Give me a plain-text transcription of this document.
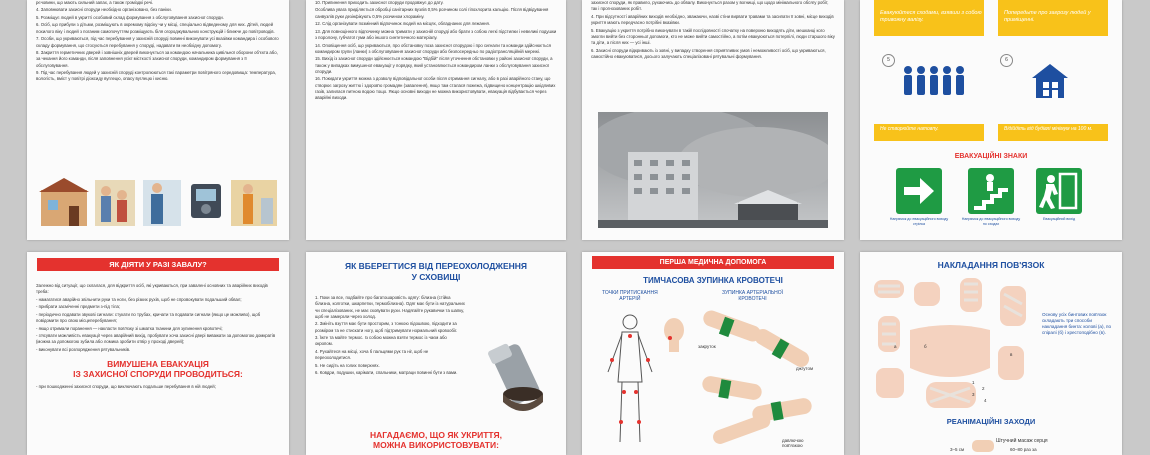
рєчовини, що мають сильний запах, а також громіздкі речі.

4. Заповнювати захисні споруди необхідно організовано, без паніки.

5. Розміщує людей в укритті особовий склад формування з обслуговування захисної споруди.

6. Осіб, що прибули з дітьми, розміщують в окремому відсіку чи у місці, спеціально відведеному для них. Дітей, людей похилого віку і людей з поганим самопочуттям розміщують біля огороджувальних конструкцій і ближче до повітроводів.

7. Особи, що укриваються, під час перебування у захисній споруді повинні виконувати усі вказівки командира і особового складу формування, що стосуються перебування у споруді, надавати їм необхідну допомогу.

8. Закриття герметичних дверей і зовнішніх дверей виконується за командою начальника цивільної оборони об'єкта або, за чекання його команди, після заповнення усієї місткості захисної споруди, командиром формування з її обслуговування.

9. Під час перебування людей у захисній споруді контролюються такі параметри повітряного середовища: температура, вологість, вміст у повітрі діоксиду вуглецю, опасу вуглецю і кисню.

10. Припинення приходить захисної споруди продовжує до дату.

Особлива увага приділяється обробці санітарних вузлів 0,5% розчином солі гіпохлорита кальцію. Після відвідування санвузлів руки дезінфікують 0,5% розчином хлораміну.

12. Слід організувати позмінний відпочинок людей на місцях, обладнаних для лежання.

13. Для повноцінного відпочинку можна тримати у захисній споруді або брати з собою легкі підстилки і невеликі подушки з поролону, губчатої гуми або іншого синтетичного матеріалу.

14. Оповіщення осіб, що укриваються, про обстановку поза захисної спорудою і про сигнали та команди здійснюється командиром групи (ланки) з обслуговування захисної споруди або безпосередньо по радіотрансляційній мережі.

15. Вихід із захисної споруди здійснюється командою "Відбій" після уточнення обстановки у районі захисної споруди, а також у випадках вимушеної евакуації у порядку, який установлюється командиром ланки з обслуговування захисної споруди.

16. Покидати укриття можна з дозволу відповідальної особи після отримання сигналу, або в разі аварійного стану, що створює загрозу життю і здоров'ю громадян (завалення), якщо там сталася пожежа, підвищено концентрацію шкідливих газів, залилася питною водою тощо. Якщо основні виходи не можна використовувати, евакуація відбувається через аварійні виходи.

захисної споруди, як правило, рухаючись до обвалу. Виконується разом у вогнищі, що щодо мінімального обсягу робіт, так і прогнозованих робіт.

4. При відсутності аварійних виходів необхідно, зважаючи, назві стіни вирвати травами та засипати її зовні, місце виходів укриття мають передчасно потрібні вказівки.

5. Евакуацію з укриття потрібно виконувати в такій послідовності спочатку на поверхню виходять діти, мешканці кого змогли вийти без сторонньої допомоги, кто не може вийти самостійно, а потім евакуюються потерпілі, люди старшого віку та діти, а після них — усі інші.

6. Захисні споруди відкривають із зовні, у випадку створення сприятливих умов і неможливості осіб, що укриваються, самостійно евакуюватися, досього залучають спеціалізовані рятувальні формування.

Евакуюйтеся сходами, взявши з собою тривожну валізу.
Попередьте про загрозу людей у приміщенні.
5	6
Не створюйте натовпу.	Відійдіть від будівлі мінімум на 100 м.
ЕВАКУАЦІЙНІ ЗНАКИ
Напрямок до евакуаційного виходу стрілка
Напрямок до евакуаційного виходу по сходах
Евакуаційний вихід
ЯК ДІЯТИ У РАЗІ ЗАВАЛУ?

Залежно від ситуації, що склалася, для відкриття осіб, які укриваються, при завалені основних та аварійних виходів треба:

- намагатися аварійно звільнити руки та ноги, без різких рухів, щоб не спровокувати подальший обвал;

- прибрати засміченні предмети з-під тіла;

- періодично подавати звукові сигнали: стукати по трубах, кричати та подавати сигнали (якщо це можливо), щоб повідомити про свою місцеперебування;

- якщо отримали поранення — накласти пов'язку зі шматка тканини для зупинення кровотечі;

- з'ясувати можливість евакуації через аварійний вихід, пробувати хоча захисні двері виважати за допомогою домкратів (можна за допомогою зубила або ломика зробити отвір у проході дверей);

- виконувати всі розпорядження рятувальників.

ВИМУШЕНА ЕВАКУАЦІЯ
ІЗ ЗАХИСНОЇ СПОРУДИ ПРОВОДИТЬСЯ:
- при пошкодженні захисної споруди, що виключають подальше перебування в ній людей;
ЯК ВБЕРЕГТИСЯ ВІД ПЕРЕОХОЛОДЖЕННЯ
У СХОВИЩІ

1. Поки за все, подбайте про багатошаровість одягу: білизна (стійка білизна, колготки, шкарпетки, термобілизна). Одяг має бути із натуральних чи спеціалізованих, не має сковувати рухи. Надягайте рукавички та шапку, щоб не замерзли через холод.

2. Змініть взуття має бути просторим, з тонкою підошвою, підходити за розміром та не стискати ногу, щоб підтримувати нормальний кровообіг.

3. Їжте та майте термос. Із собою можна взяти термос із чаєм або окропом.

4. Рухайтеся на місці, хоча б пальцями рук та ніг, щоб не переохолодитися.

5. Не сидіть на голих поверхнях.

6. Ковдри, подушки, карімати, спальники, матраци повинні бути з вами.

НАГАДАЄМО, ЩО ЯК УКРИТТЯ,
МОЖНА ВИКОРИСТОВУВАТИ:
ПЕРША МЕДИЧНА ДОПОМОГА
ТИМЧАСОВА ЗУПИНКА КРОВОТЕЧІ
ТОЧКИ ПРИТИСКАННЯ
АРТЕРІЙ
ЗУПИНКА АРТЕРІАЛЬНОЇ
КРОВОТЕЧІ
закруток
джгутом
давлючою пов'язкою
НАКЛАДАННЯ ПОВ'ЯЗОК
а	б
в
1
2
3
4
Основу усіх бинтових пов'язок складають три способи накладання бинта: колові (а), по спіралі (б) і хрестоподібно (в).
РЕАНІМАЦІЙНІ ЗАХОДИ
Штучний масаж серця
3–5 см	60–80 раз за
